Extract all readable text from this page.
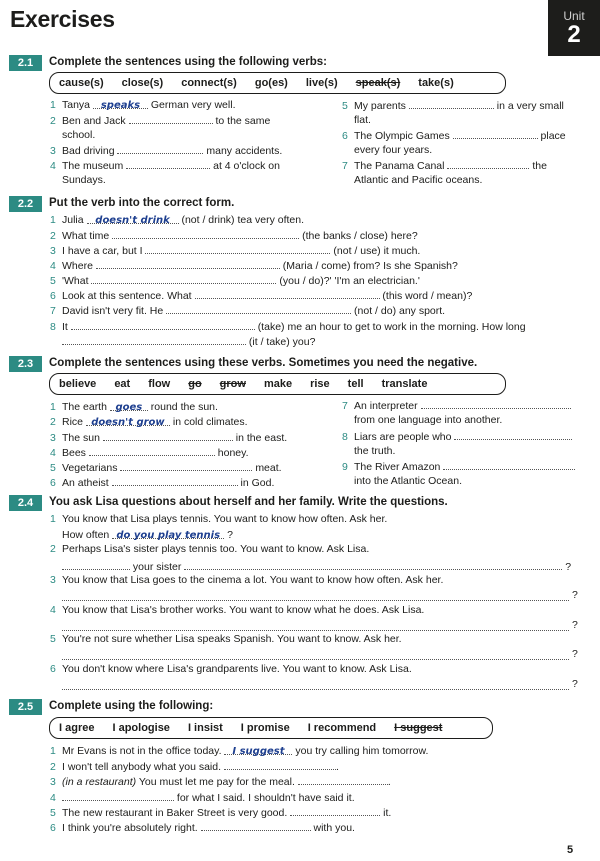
Exercises	Unit
2
2.1	Complete the sentences using the following verbs:
cause(s) close(s) connect(s) go(es) live(s) speak(s) take(s)
1 Tanya speaks German very well.
2 Ben and Jack	to the same
school.
3 Bad driving	many accidents.
4 The museum	at 4 o'clock on
Sundays.
5 My parents	in a very small
flat.
6 The Olympic Games	place
every four years.
7 The Panama Canal	the
Atlantic and Pacific oceans.
2.2	Put the verb into the correct form.
1 Julia doesn't drink (not / drink) tea very often.
2 What time	(the banks / close) here?
3 I have a car, but I	(not / use) it much.
4 Where	(Maria / come) from? Is she Spanish?
5 'What	(you / do)?' 'I'm an electrician.'
6 Look at this sentence. What	(this word / mean)?
7 David isn't very fit. He	(not / do) any sport.
8 It	(take) me an hour to get to work in the morning. How long
(it / take) you?
2.3	Complete the sentences using these verbs. Sometimes you need the negative.
believe eat flow go grow make rise tell translate
1 The earth goes round the sun.
2 Rice doesn't grow in cold climates.
3 The sun	in the east.
4 Bees	honey.
5 Vegetarians	meat.
6 An atheist	in God.
7 An interpreter
from one language into another.
8 Liars are people who
the truth.
9 The River Amazon
into the Atlantic Ocean.
2.4	You ask Lisa questions about herself and her family. Write the questions.
1 You know that Lisa plays tennis. You want to know how often. Ask her.
How often do you play tennis ?
2 Perhaps Lisa's sister plays tennis too. You want to know. Ask Lisa.
your sister	?
3 You know that Lisa goes to the cinema a lot. You want to know how often. Ask her.
?
4 You know that Lisa's brother works. You want to know what he does. Ask Lisa.
?
5 You're not sure whether Lisa speaks Spanish. You want to know. Ask her.
?
6 You don't know where Lisa's grandparents live. You want to know. Ask Lisa.
?
2.5	Complete using the following:
I agree I apologise I insist I promise I recommend I suggest
1 Mr Evans is not in the office today. I suggest you try calling him tomorrow.
2 I won't tell anybody what you said.	.
3 (in a restaurant) You must let me pay for the meal.	.
4	for what I said. I shouldn't have said it.
5 The new restaurant in Baker Street is very good.	it.
6 I think you're absolutely right.	with you.
5
